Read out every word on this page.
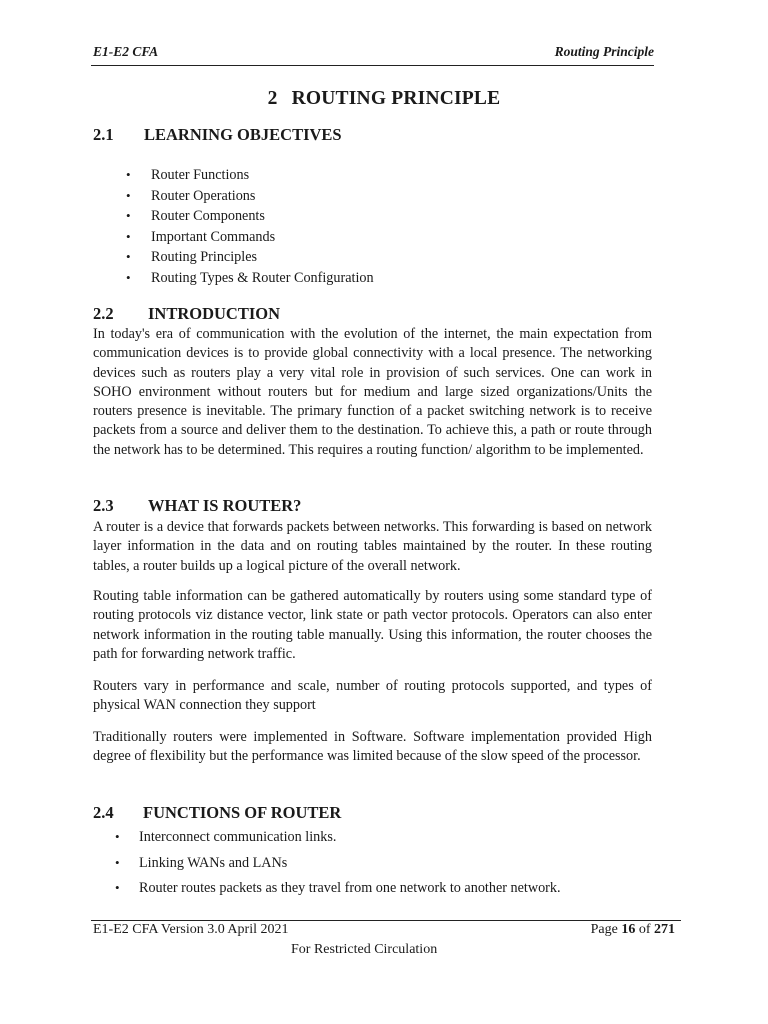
E1-E2 CFA	Routing Principle
2 ROUTING PRINCIPLE
2.1 LEARNING OBJECTIVES
• Router Functions
• Router Operations
• Router Components
• Important Commands
• Routing Principles
• Routing Types & Router Configuration
2.2 INTRODUCTION

In today's era of communication with the evolution of the internet, the main expectation from communication devices is to provide global connectivity with a local presence. The networking devices such as routers play a very vital role in provision of such services. One can work in SOHO environment without routers but for medium and large sized organizations/Units the routers presence is inevitable. The primary function of a packet switching network is to receive packets from a source and deliver them to the destination. To achieve this, a path or route through the network has to be determined. This requires a routing function/ algorithm to be implemented.

2.3 WHAT IS ROUTER?

A router is a device that forwards packets between networks. This forwarding is based on network layer information in the data and on routing tables maintained by the router. In these routing tables, a router builds up a logical picture of the overall network.

Routing table information can be gathered automatically by routers using some standard type of routing protocols viz distance vector, link state or path vector protocols. Operators can also enter network information in the routing table manually. Using this information, the router chooses the path for forwarding network traffic.

Routers vary in performance and scale, number of routing protocols supported, and types of physical WAN connection they support

Traditionally routers were implemented in Software. Software implementation provided High degree of flexibility but the performance was limited because of the slow speed of the processor.

2.4 FUNCTIONS OF ROUTER
• Interconnect communication links.
• Linking WANs and LANs
• Router routes packets as they travel from one network to another network.
E1-E2 CFA Version 3.0 April 2021	Page 16 of 271
For Restricted Circulation
